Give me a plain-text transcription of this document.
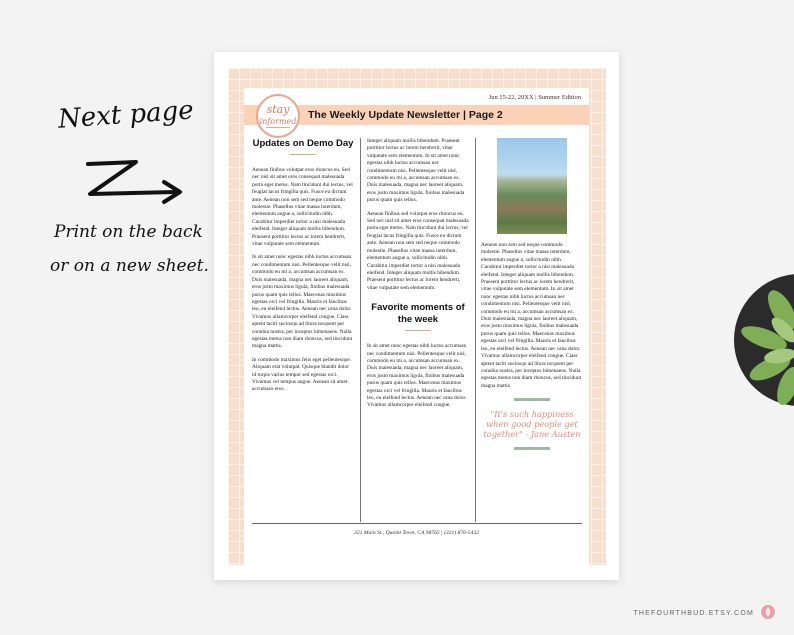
Next page
Print on the back
or on a new sheet.
Jun 15-22, 20XX | Summer Edition
The Weekly Update Newsletter | Page 2
stay
informed
Updates on Demo Day

Aenean finibus volutpat eros rhoncus eu. Sed nec nisl sit amet eros consequat malesuada porta eget metus. Nam tincidunt dui lectus, vel feugiat lacus fringilla quis. Fusce eu dictum ante. Aenean non sem sed neque commodo molestie. Phasellus vitae massa interdum, elementum augue a, sollicitudin nibh. Curabitur imperdiet tortor a nisi malesuada eleifend. Integer aliquam mollis bibendum. Praesent porttitor lectus ac lorem hendrerit, vitae vulputate sem elementum.

In sit amet nunc egestas nibh luctus accumsan nec condimentum nisi. Pellentesque velit nisl, commodo eu mi a, accumsan accumsan ex. Duis malesuada, magna nec laoreet aliquam, eros justo maximus ligula, finibus malesuada purus quam quis tellus. Maecenas maximus egestas orci vel fringilla. Mauris et faucibus leo, eu eleifend lectus. Aenean nec urna dolor. Vivamus ullamcorper eleifend congue. Class aptent taciti sociosqu ad litora torquent per conubia nostra, per inceptos himenaeos. Nulla egestas metus non diam rhoncus, sed tincidunt magna mattis.

In commodo maximus felis eget pellentesque. Aliquam erat volutpat. Quisque blandit dolor id turpis varius tempor sed egestas orci. Vivamus vel tempus augue. Aenean sit amet accumsan eros.

Integer aliquam mollis bibendum. Praesent porttitor lectus ac lorem hendrerit, vitae vulputate sem elementum. In sit amet nunc egestas nibh luctus accumsan nec condimentum nisi. Pellentesque velit nisl, commodo eu mi a, accumsan accumsan ex. Duis malesuada, magna nec laoreet aliquam, eros justo maximus ligula, finibus malesuada purus quam quis tellus.

Aenean finibus sed volutpat eros rhoncus eu. Sed nec nisl sit amet eros consequat malesuada porta eget metus. Nam tincidunt dui lectus, vel feugiat lacus fringilla quis. Fusce eu dictum ante. Aenean non sem sed neque commodo molestie. Phasellus vitae massa interdum, elementum augue a, sollicitudin nibh. Curabitur imperdiet tortor a nisi malesuada eleifend. Integer aliquam mollis bibendum. Praesent porttitor lectus ac lorem hendrerit, vitae vulputate sem elementum.

Favorite moments of the week

In sit amet nunc egestas nibh luctus accumsan nec condimentum nisi. Pellentesque velit nisl, commodo eu mi a, accumsan accumsan ex. Duis malesuada, magna nec laoreet aliquam, eros justo maximus ligula, finibus malesuada purus quam quis tellus. Maecenas maximus egestas orci vel fringilla. Mauris et faucibus leo, eu eleifend lectus. Aenean nec urna dolor. Vivamus ullamcorper eleifend congue.

Aenean non sem sed neque commodo molestie. Phasellus vitae massa interdum, elementum augue a, sollicitudin nibh. Curabitur imperdiet tortor a nisi malesuada eleifend. Integer aliquam mollis bibendum. Praesent porttitor lectus ac lorem hendrerit, vitae vulputate sem elementum. In sit amet nunc egestas nibh luctus accumsan nec condimentum nisi. Pellentesque velit nisl, commodo eu mi a, accumsan accumsan ex. Duis malesuada, magna nec laoreet aliquam, eros justo maximus ligula, finibus malesuada purus quam quis tellus. Maecenas maximus egestas orci vel fringilla. Mauris et faucibus leo, eu eleifend lectus. Aenean nec urna dolor. Vivamus ullamcorper eleifend congue. Class aptent taciti sociosqu ad litora torquent per conubia nostra, per inceptos himenaeos. Nulla egestas metus non diam rhoncus, sed tincidunt magna mattis.

"It's such happiness when good people get together" - Jane Austen
321 Main St., Quaint Town, CA 98765 | (321) 876-5432
THEFOURTHBUD.ETSY.COM
